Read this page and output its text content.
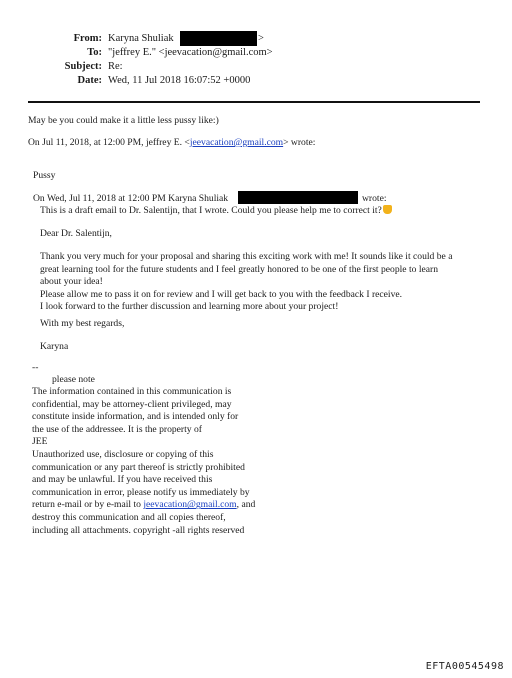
From: Karyna Shuliak	>
To: "jeffrey E." <jeevacation@gmail.com>
Subject: Re:
Date: Wed, 11 Jul 2018 16:07:52 +0000
May be you could make it a little less pussy like:)
On Jul 11, 2018, at 12:00 PM, jeffrey E. <jeevacation@gmail.com> wrote:
Pussy
On Wed, Jul 11, 2018 at 12:00 PM Karyna Shuliak	wrote:
This is a draft email to Dr. Salentijn, that I wrote. Could you please help me to correct it?
Dear Dr. Salentijn,
Thank you very much for your proposal and sharing this exciting work with me! It sounds like it could be a
great learning tool for the future students and I feel greatly honored to be one of the first people to learn
about your idea!
Please allow me to pass it on for review and I will get back to you with the feedback I receive.
I look forward to the further discussion and learning more about your project!
With my best regards,
Karyna
--
please note
The information contained in this communication is
confidential, may be attorney-client privileged, may
constitute inside information, and is intended only for
the use of the addressee. It is the property of
JEE
Unauthorized use, disclosure or copying of this
communication or any part thereof is strictly prohibited
and may be unlawful. If you have received this
communication in error, please notify us immediately by
return e-mail or by e-mail to jeevacation@gmail.com, and
destroy this communication and all copies thereof,
including all attachments. copyright -all rights reserved
EFTA00545498
